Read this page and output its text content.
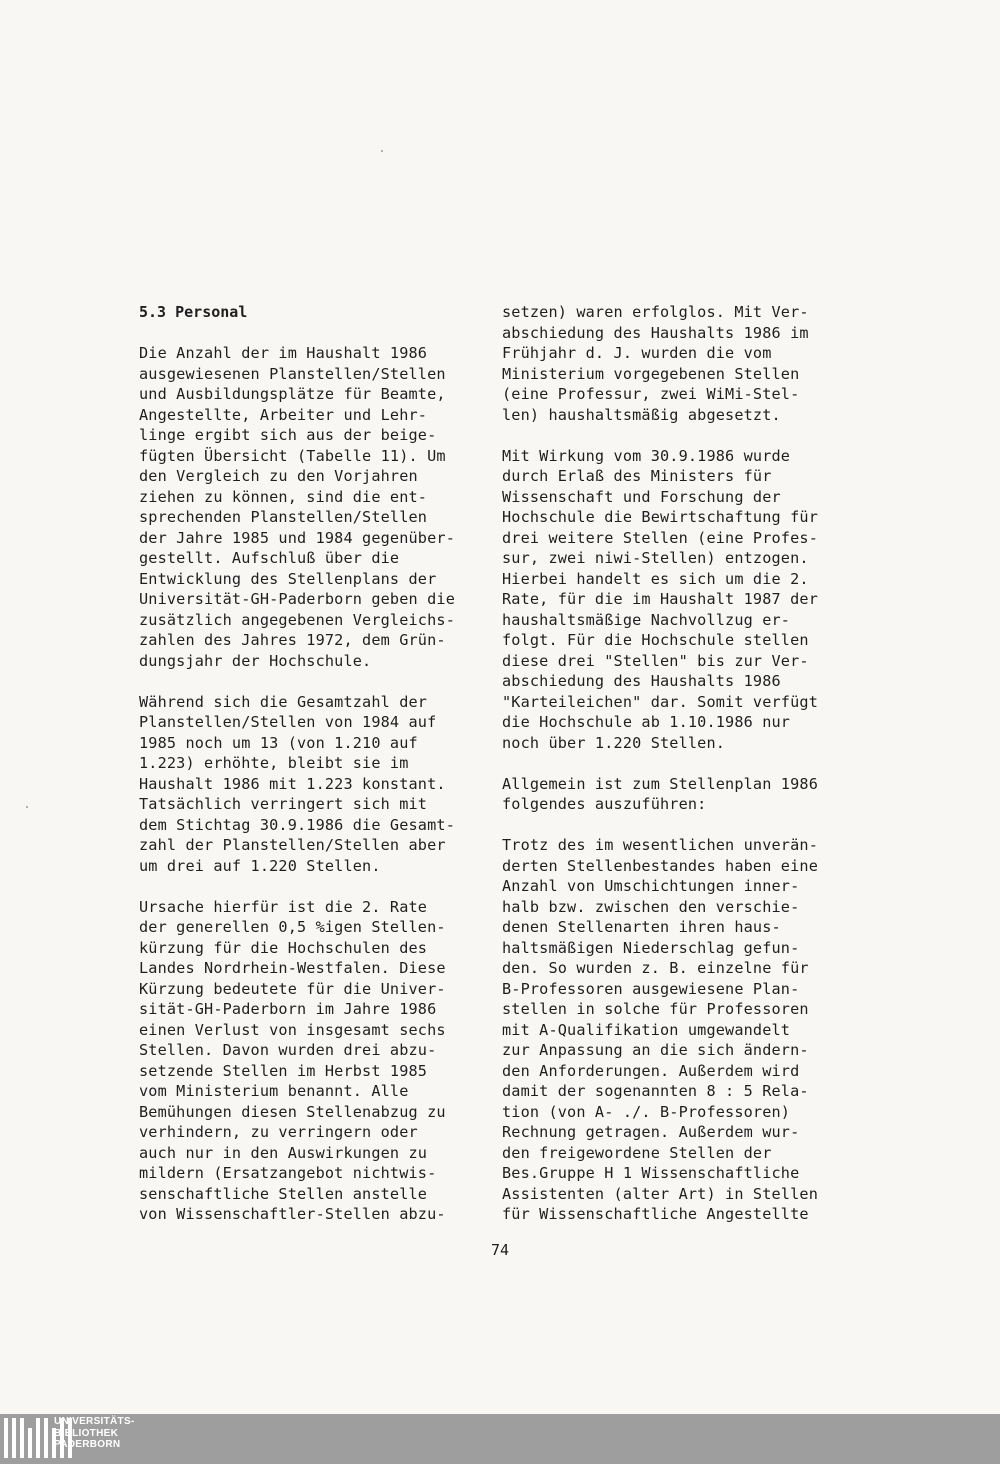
5.3 Personal
Die Anzahl der im Haushalt 1986
ausgewiesenen Planstellen/Stellen
und Ausbildungsplätze für Beamte,
Angestellte, Arbeiter und Lehr-
linge ergibt sich aus der beige-
fügten Übersicht (Tabelle 11). Um
den Vergleich zu den Vorjahren
ziehen zu können, sind die ent-
sprechenden Planstellen/Stellen
der Jahre 1985 und 1984 gegenüber-
gestellt. Aufschluß über die
Entwicklung des Stellenplans der
Universität-GH-Paderborn geben die
zusätzlich angegebenen Vergleichs-
zahlen des Jahres 1972, dem Grün-
dungsjahr der Hochschule.
Während sich die Gesamtzahl der
Planstellen/Stellen von 1984 auf
1985 noch um 13 (von 1.210 auf
1.223) erhöhte, bleibt sie im
Haushalt 1986 mit 1.223 konstant.
Tatsächlich verringert sich mit
dem Stichtag 30.9.1986 die Gesamt-
zahl der Planstellen/Stellen aber
um drei auf 1.220 Stellen.
Ursache hierfür ist die 2. Rate
der generellen 0,5 %igen Stellen-
kürzung für die Hochschulen des
Landes Nordrhein-Westfalen. Diese
Kürzung bedeutete für die Univer-
sität-GH-Paderborn im Jahre 1986
einen Verlust von insgesamt sechs
Stellen. Davon wurden drei abzu-
setzende Stellen im Herbst 1985
vom Ministerium benannt. Alle
Bemühungen diesen Stellenabzug zu
verhindern, zu verringern oder
auch nur in den Auswirkungen zu
mildern (Ersatzangebot nichtwis-
senschaftliche Stellen anstelle
von Wissenschaftler-Stellen abzu-
setzen) waren erfolglos. Mit Ver-
abschiedung des Haushalts 1986 im
Frühjahr d. J. wurden die vom
Ministerium vorgegebenen Stellen
(eine Professur, zwei WiMi-Stel-
len) haushaltsmäßig abgesetzt.
Mit Wirkung vom 30.9.1986 wurde
durch Erlaß des Ministers für
Wissenschaft und Forschung der
Hochschule die Bewirtschaftung für
drei weitere Stellen (eine Profes-
sur, zwei niwi-Stellen) entzogen.
Hierbei handelt es sich um die 2.
Rate, für die im Haushalt 1987 der
haushaltsmäßige Nachvollzug er-
folgt. Für die Hochschule stellen
diese drei "Stellen" bis zur Ver-
abschiedung des Haushalts 1986
"Karteileichen" dar. Somit verfügt
die Hochschule ab 1.10.1986 nur
noch über 1.220 Stellen.
Allgemein ist zum Stellenplan 1986
folgendes auszuführen:
Trotz des im wesentlichen unverän-
derten Stellenbestandes haben eine
Anzahl von Umschichtungen inner-
halb bzw. zwischen den verschie-
denen Stellenarten ihren haus-
haltsmäßigen Niederschlag gefun-
den. So wurden z. B. einzelne für
B-Professoren ausgewiesene Plan-
stellen in solche für Professoren
mit A-Qualifikation umgewandelt
zur Anpassung an die sich ändern-
den Anforderungen. Außerdem wird
damit der sogenannten 8 : 5 Rela-
tion (von A- ./. B-Professoren)
Rechnung getragen. Außerdem wur-
den freigewordene Stellen der
Bes.Gruppe H 1 Wissenschaftliche
Assistenten (alter Art) in Stellen
für Wissenschaftliche Angestellte
74
UNIVERSITÄTS-
BIBLIOTHEK
PADERBORN
